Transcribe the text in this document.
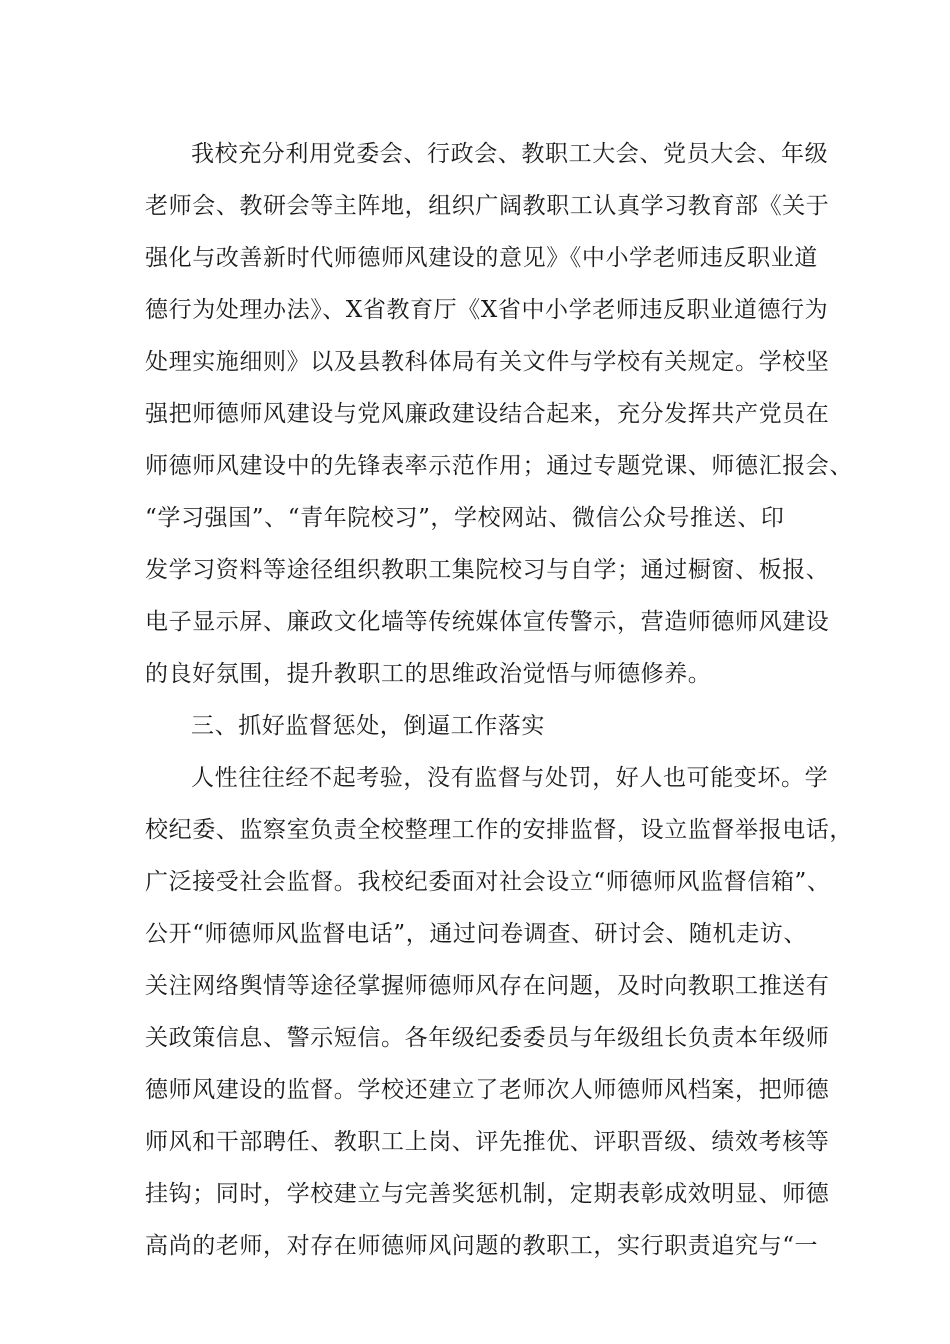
我校充分利用党委会、行政会、教职工大会、党员大会、年级
老师会、教研会等主阵地，组织广阔教职工认真学习教育部《关于
强化与改善新时代师德师风建设的意见》《中小学老师违反职业道
德行为处理办法》、X省教育厅《X省中小学老师违反职业道德行为
处理实施细则》以及县教科体局有关文件与学校有关规定。学校坚
强把师德师风建设与党风廉政建设结合起来，充分发挥共产党员在
师德师风建设中的先锋表率示范作用；通过专题党课、师德汇报会、
“学习强国”、“青年院校习”，学校网站、微信公众号推送、印
发学习资料等途径组织教职工集院校习与自学；通过橱窗、板报、
电子显示屏、廉政文化墙等传统媒体宣传警示，营造师德师风建设
的良好氛围，提升教职工的思维政治觉悟与师德修养。
三、抓好监督惩处，倒逼工作落实
人性往往经不起考验，没有监督与处罚，好人也可能变坏。学
校纪委、监察室负责全校整理工作的安排监督，设立监督举报电话，
广泛接受社会监督。我校纪委面对社会设立“师德师风监督信箱”、
公开“师德师风监督电话”，通过问卷调查、研讨会、随机走访、
关注网络舆情等途径掌握师德师风存在问题，及时向教职工推送有
关政策信息、警示短信。各年级纪委委员与年级组长负责本年级师
德师风建设的监督。学校还建立了老师次人师德师风档案，把师德
师风和干部聘任、教职工上岗、评先推优、评职晋级、绩效考核等
挂钩；同时，学校建立与完善奖惩机制，定期表彰成效明显、师德
高尚的老师，对存在师德师风问题的教职工，实行职责追究与“一
